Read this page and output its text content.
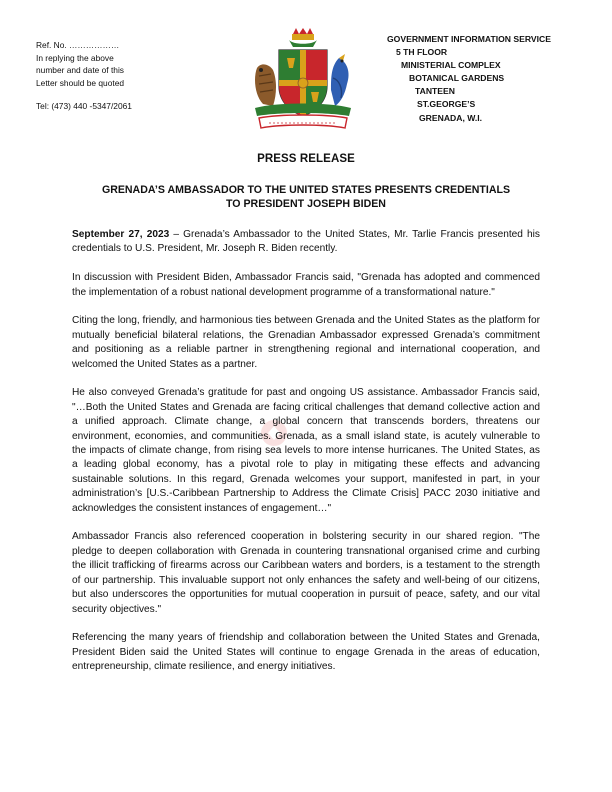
Ref. No. ………………
In replying the above
number and date of this
Letter should be quoted
Tel: (473) 440 -5347/2061
GOVERNMENT INFORMATION SERVICE
5 TH FLOOR
MINISTERIAL COMPLEX
BOTANICAL GARDENS
TANTEEN
ST.GEORGE’S
GRENADA, W.I.
PRESS RELEASE
GRENADA’S AMBASSADOR TO THE UNITED STATES PRESENTS CREDENTIALS
TO PRESIDENT JOSEPH BIDEN

September 27, 2023 – Grenada’s Ambassador to the United States, Mr. Tarlie Francis presented his credentials to U.S. President, Mr. Joseph R. Biden recently.

In discussion with President Biden, Ambassador Francis said, "Grenada has adopted and commenced the implementation of a robust national development programme of a transformational nature."

Citing the long, friendly, and harmonious ties between Grenada and the United States as the platform for mutually beneficial bilateral relations, the Grenadian Ambassador expressed Grenada’s commitment and positioning as a reliable partner in strengthening regional and international cooperation, and welcomed the United States as a partner.

He also conveyed Grenada’s gratitude for past and ongoing US assistance. Ambassador Francis said, "…Both the United States and Grenada are facing critical challenges that demand collective action and a unified approach. Climate change, a global concern that transcends borders, threatens our environment, economies, and communities. Grenada, as a small island state, is acutely vulnerable to the impacts of climate change, from rising sea levels to more intense hurricanes. The United States, as a leading global economy, has a pivotal role to play in mitigating these effects and advancing sustainable solutions. In this regard, Grenada welcomes your support, manifested in part, in your administration’s [U.S.-Caribbean Partnership to Address the Climate Crisis] PACC 2030 initiative and acknowledges the consistent instances of engagement…"

Ambassador Francis also referenced cooperation in bolstering security in our shared region. "The pledge to deepen collaboration with Grenada in countering transnational organised crime and curbing the illicit trafficking of firearms across our Caribbean waters and borders, is a testament to the strength of our partnership. This invaluable support not only enhances the safety and well-being of our citizens, but also underscores the opportunities for mutual cooperation in pursuit of peace, safety, and our vital security objectives."

Referencing the many years of friendship and collaboration between the United States and Grenada, President Biden said the United States will continue to engage Grenada in the areas of education, entrepreneurship, climate resilience, and energy initiatives.
